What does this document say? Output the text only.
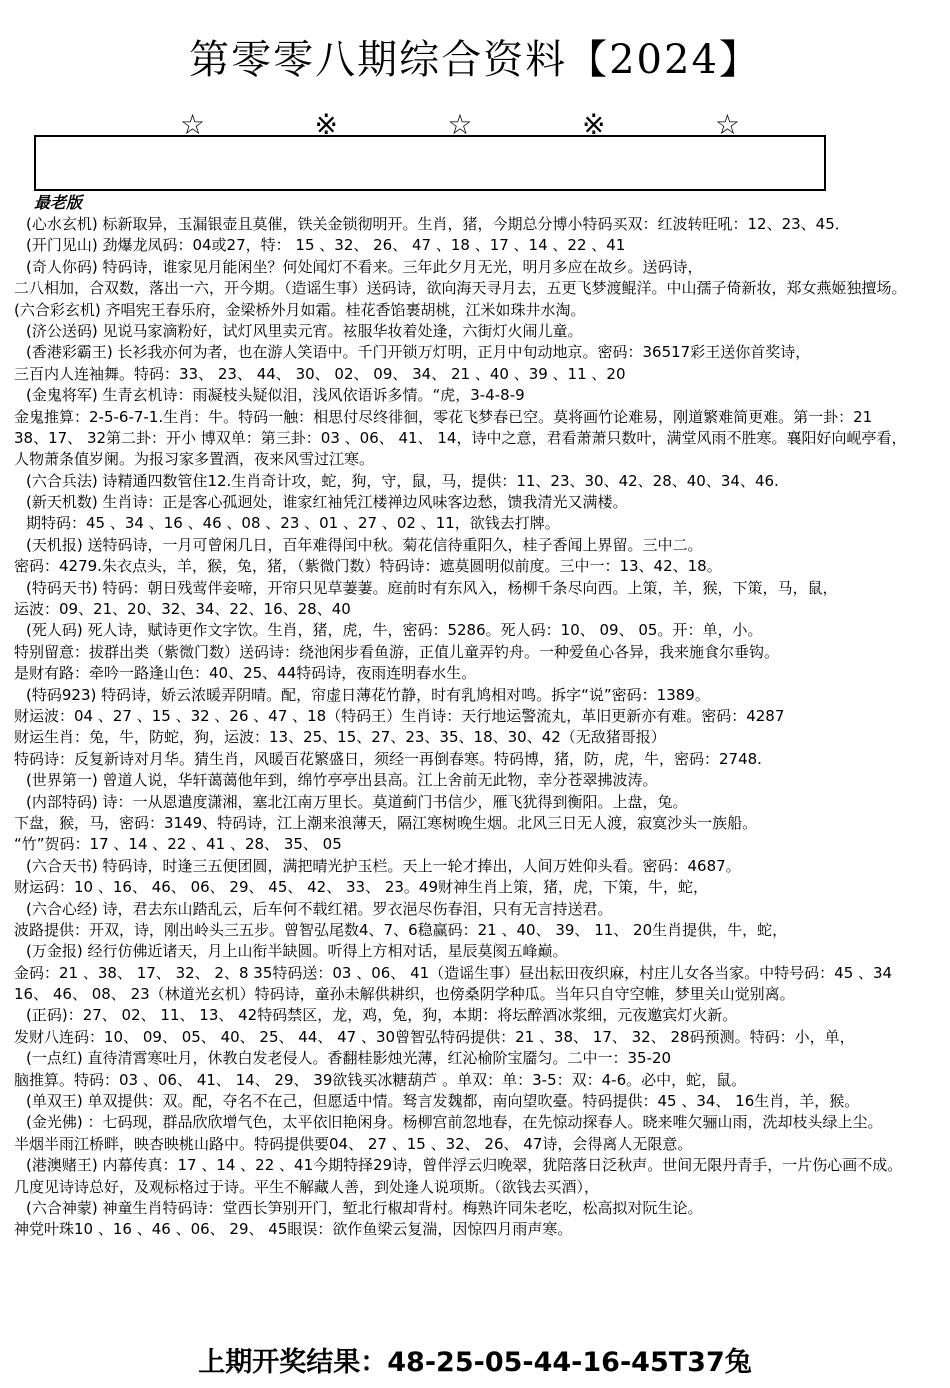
第零零八期综合资料【2024】
☆	※	☆	※	☆
最老版
(心水玄机) 标新取异，玉漏银壶且莫催，铁关金锁彻明开。生肖，猪，今期总分博小特码买双：红波转旺吼：12、23、45．
(开门见山) 劲爆龙凤码：04或27，特： 15 、32、 26、 47 、18 、17 、14 、22 、41
(奇人你码) 特码诗，谁家见月能闲坐？何处闻灯不看来。三年此夕月无光，明月多应在故乡。送码诗，
二八相加，合双数，落出一六，开今期。（造谣生事）送码诗，欲向海天寻月去，五更飞梦渡鲲洋。中山孺子倚新妆，郑女燕姬独擅场。
(六合彩玄机) 齐唱宪王春乐府，金梁桥外月如霜。桂花香馅裹胡桃，江米如珠井水淘。
(济公送码) 见说马家滴粉好，试灯风里卖元宵。袨服华妆着处逢，六街灯火闹儿童。
(香港彩霸王) 长衫我亦何为者，也在游人笑语中。千门开锁万灯明，正月中旬动地京。密码：36517彩王送你首奖诗，
三百内人连袖舞。特码：33、 23、 44、 30、 02、 09、 34、 21 、40 、39 、11 、20
(金鬼将军) 生青玄机诗：雨凝枝头疑似泪，浅风依语诉多情。“虎，3-4-8-9
金鬼推算：2-5-6-7-1.生肖：牛。特码一触：相思付尽终徘徊，零花飞梦春已空。莫将画竹论难易，刚道繁难简更难。第一卦：21
38、17、 32第二卦：开小 博双单：第三卦：03 、06、 41、 14，诗中之意，君看萧萧只数叶，满堂风雨不胜寒。襄阳好向岘亭看，
人物萧条值岁阑。为报习家多置酒，夜来风雪过江寒。
(六合兵法) 诗精通四数管住12.生肖奇计攻，蛇，狗，守，鼠，马，提供：11、23、30、42、28、40、34、46.
(新天机数) 生肖诗：正是客心孤迥处，谁家红袖凭江楼禅边风味客边愁，馈我清光又满楼。
期特码：45 、34 、16 、46 、08 、23 、01 、27 、02 、11，欲钱去打牌。
(天机报) 送特码诗，一月可曾闲几日，百年难得闰中秋。菊花信待重阳久，桂子香闻上界留。三中二。
密码：4279.朱衣点头，羊，猴，兔，猪，（紫微门数）特码诗：遮莫圆明似前度。三中一：13、42、18。
(特码天书) 特码：朝日残莺伴妾啼，开帘只见草萋萋。庭前时有东风入，杨柳千条尽向西。上策，羊，猴，下策，马，鼠，
运波：09、21、20、32、34、22、16、28、40
(死人码) 死人诗，赋诗更作文字饮。生肖，猪，虎，牛，密码：5286。死人码：10、 09、 05。开：单，小。
特别留意：拔群出类（紫微门数）送码诗：绕池闲步看鱼游，正值儿童弄钓舟。一种爱鱼心各异，我来施食尔垂钩。
是财有路：牵吟一路逢山色：40、25、44特码诗，夜雨连明春水生。
(特码923) 特码诗，娇云浓暖弄阴晴。配，帘虚日薄花竹静，时有乳鸠相对鸣。拆字“说”密码：1389。
财运波：04 、27 、15 、32 、26 、47 、18（特码王）生肖诗：天行地运警流丸，革旧更新亦有难。密码：4287
财运生肖：兔，牛，防蛇，狗，运波：13、25、15、27、23、35、18、30、42（无敌猪哥报）
特码诗：反复新诗对月华。猜生肖，风暖百花繁盛日，须经一再倒春寒。特码博，猪，防，虎，牛，密码：2748.
(世界第一) 曾道人说，华轩蔼蔼他年到，绵竹亭亭出县高。江上舍前无此物，幸分苍翠拂波涛。
(内部特码) 诗：一从恩遣度潇湘，塞北江南万里长。莫道蓟门书信少，雁飞犹得到衡阳。上盘，兔。
下盘，猴，马，密码：3149、特码诗，江上潮来浪薄天，隔江寒树晚生烟。北风三日无人渡，寂寞沙头一族船。
“竹”贺码：17 、14 、22 、41 、28、 35、 05
(六合天书) 特码诗，时逢三五便团圆，满把晴光护玉栏。天上一轮才捧出，人间万姓仰头看。密码：4687。
财运码：10 、16、 46、 06、 29、 45、 42、 33、 23。49财神生肖上策，猪，虎，下策，牛，蛇，
(六合心经) 诗，君去东山踏乱云，后车何不载红裙。罗衣浥尽伤春泪，只有无言持送君。
波路提供：开双，诗，刚出岭头三五步。曾智弘尾数4、7、6稳赢码：21 、40、 39、 11、 20生肖提供，牛，蛇，
(万金报) 经行仿佛近诸天，月上山衔半缺圆。听得上方相对话，星辰莫阂五峰巅。
金码：21 、38、 17、 32、 2、8 35特码送：03 、06、 41（造谣生事）昼出耘田夜织麻，村庄儿女各当家。中特号码：45 、34
16、 46、 08、 23（林道光玄机）特码诗，童孙未解供耕织，也傍桑阴学种瓜。当年只自守空帷，梦里关山觉别离。
(正码)：27、 02、 11、 13、 42特码禁区，龙，鸡，兔，狗，本期：将坛醉酒冰浆细，元夜邀宾灯火新。
发财八连码：10、 09、 05、 40、 25、 44、 47 、30曾智弘特码提供：21 、38、 17、 32、 28码预测。特码：小，单，
(一点红) 直待清霄寒吐月，休教白发老侵人。香翻桂影烛光薄，红沁榆阶宝靥匀。二中一：35-20
脑推算。特码：03 、06、 41、 14、 29、 39欲钱买冰糖葫芦 。单双：单：3-5：双：4-6。必中，蛇，鼠。
(单双王) 单双提供：双。配，夺名不在己，但愿适中情。驽言发魏都，南向望吹臺。特码提供：45 、34、 16生肖，羊，猴。
(金光佛) ：七码现，群品欣欣增气色，太平依旧艳闲身。杨柳宫前忽地春，在先惊动探春人。晓来唯欠骊山雨，洗却枝头绿上尘。
半烟半雨江桥畔，映杏映桃山路中。特码提供要04、 27 、15 、32、 26、 47诗，会得离人无限意。
(港澳赌王) 内幕传真：17 、14 、22 、41今期特择29诗，曾伴浮云归晚翠，犹陪落日泛秋声。世间无限丹青手，一片伤心画不成。
几度见诗诗总好，及观标格过于诗。平生不解藏人善，到处逢人说项斯。（欲钱去买酒），
(六合神蒙) 神童生肖特码诗：堂西长笋别开门，堑北行椒却背村。梅熟许同朱老吃，松高拟对阮生论。
神党叶珠10 、16 、46 、06、 29、 45眼误：欲作鱼梁云复湍，因惊四月雨声寒。
上期开奖结果：48-25-05-44-16-45T37兔
